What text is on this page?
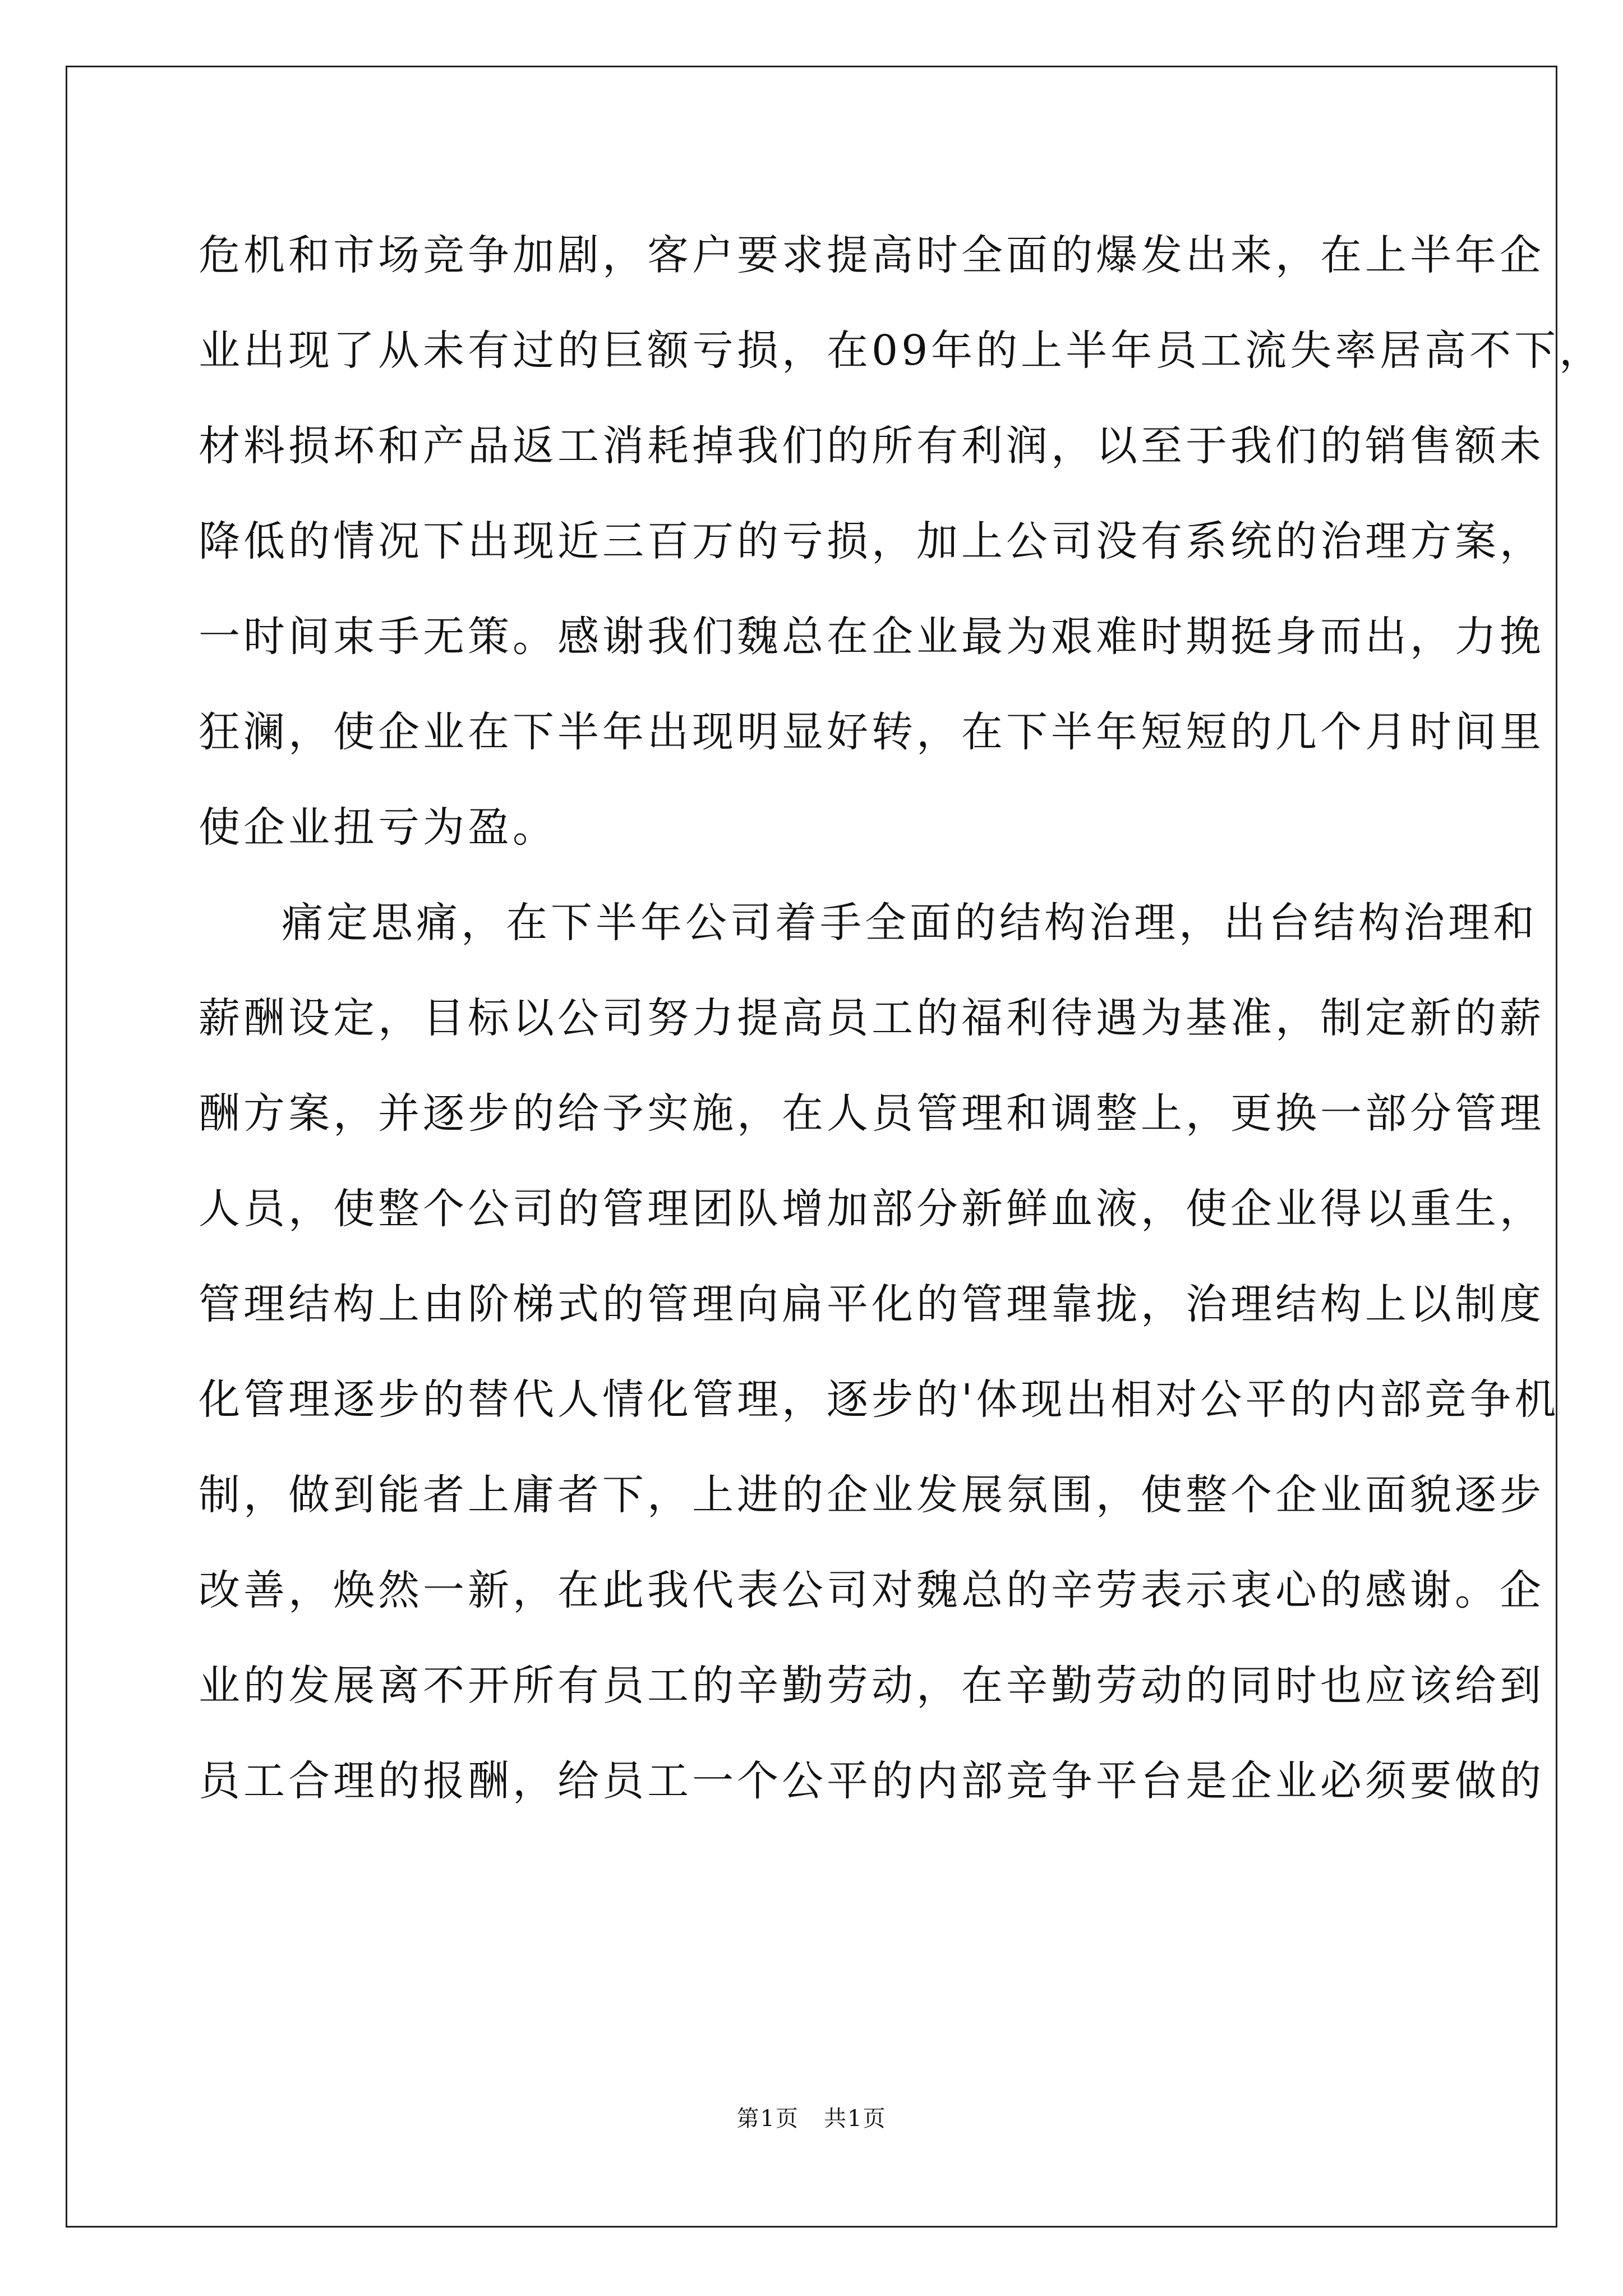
危机和市场竞争加剧，客户要求提高时全面的爆发出来，在上半年企
业出现了从未有过的巨额亏损，在09年的上半年员工流失率居高不下，
材料损坏和产品返工消耗掉我们的所有利润，以至于我们的销售额未
降低的情况下出现近三百万的亏损，加上公司没有系统的治理方案，
一时间束手无策。感谢我们魏总在企业最为艰难时期挺身而出，力挽
狂澜，使企业在下半年出现明显好转，在下半年短短的几个月时间里
使企业扭亏为盈。
痛定思痛，在下半年公司着手全面的结构治理，出台结构治理和
薪酬设定，目标以公司努力提高员工的福利待遇为基准，制定新的薪
酬方案，并逐步的给予实施，在人员管理和调整上，更换一部分管理
人员，使整个公司的管理团队增加部分新鲜血液，使企业得以重生，
管理结构上由阶梯式的管理向扁平化的管理靠拢，治理结构上以制度
化管理逐步的替代人情化管理，逐步的'体现出相对公平的内部竞争机
制，做到能者上庸者下，上进的企业发展氛围，使整个企业面貌逐步
改善，焕然一新，在此我代表公司对魏总的辛劳表示衷心的感谢。企
业的发展离不开所有员工的辛勤劳动，在辛勤劳动的同时也应该给到
员工合理的报酬，给员工一个公平的内部竞争平台是企业必须要做的
第1页   共1页
